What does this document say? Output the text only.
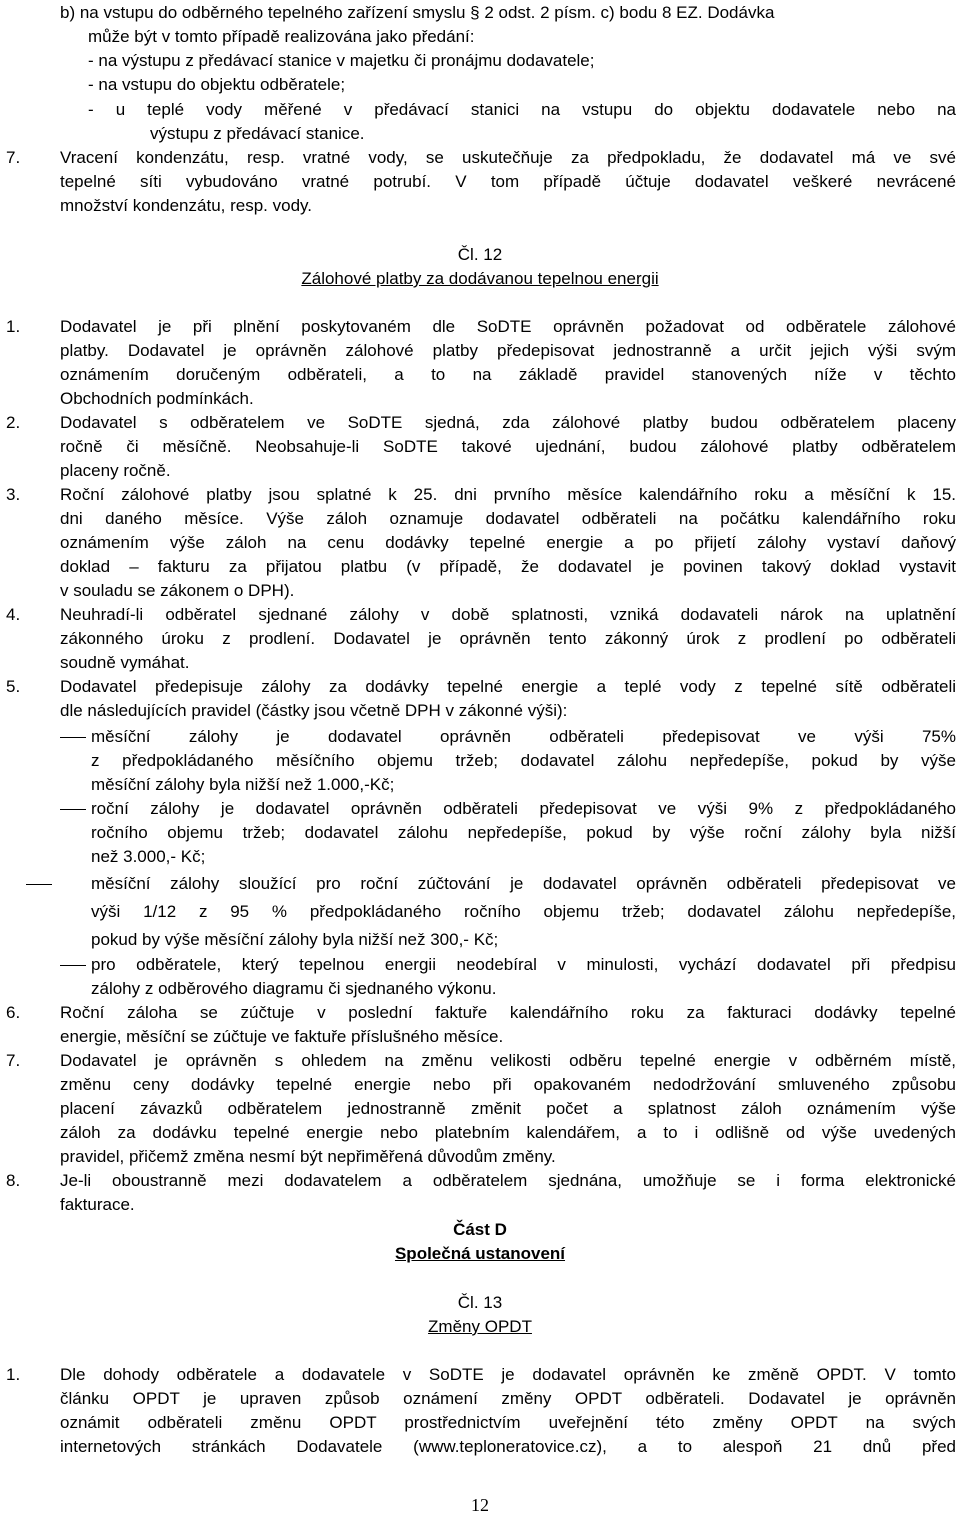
b) na vstupu do odběrného tepelného zařízení smyslu § 2 odst. 2 písm. c) bodu 8 EZ. Dodávka
může být v tomto případě realizována jako předání:
- na výstupu z předávací stanice v majetku či pronájmu dodavatele;
- na vstupu do objektu odběratele;
- u teplé vody měřené v předávací stanici na vstupu do objektu dodavatele nebo na
výstupu z předávací stanice.
7. Vracení kondenzátu, resp. vratné vody, se uskutečňuje za předpokladu, že dodavatel má ve své
tepelné síti vybudováno vratné potrubí. V tom případě účtuje dodavatel veškeré nevrácené
množství kondenzátu, resp. vody.
Čl. 12
Zálohové platby za dodávanou tepelnou energii
1. Dodavatel je při plnění poskytovaném dle SoDTE oprávněn požadovat od odběratele zálohové
platby. Dodavatel je oprávněn zálohové platby předepisovat jednostranně a určit jejich výši svým
oznámením doručeným odběrateli, a to na základě pravidel stanovených níže v těchto
Obchodních podmínkách.
2. Dodavatel s odběratelem ve SoDTE sjedná, zda zálohové platby budou odběratelem placeny
ročně či měsíčně. Neobsahuje-li SoDTE takové ujednání, budou zálohové platby odběratelem
placeny ročně.
3. Roční zálohové platby jsou splatné k 25. dni prvního měsíce kalendářního roku a měsíční k 15.
dni daného měsíce. Výše záloh oznamuje dodavatel odběrateli na počátku kalendářního roku
oznámením výše záloh na cenu dodávky tepelné energie a po přijetí zálohy vystaví daňový
doklad – fakturu za přijatou platbu (v případě, že dodavatel je povinen takový doklad vystavit
v souladu se zákonem o DPH).
4. Neuhradí-li odběratel sjednané zálohy v době splatnosti, vzniká dodavateli nárok na uplatnění
zákonného úroku z prodlení. Dodavatel je oprávněn tento zákonný úrok z prodlení po odběrateli
soudně vymáhat.
5. Dodavatel předepisuje zálohy za dodávky tepelné energie a teplé vody z tepelné sítě odběrateli
dle následujících pravidel (částky jsou včetně DPH v zákonné výši):
měsíční zálohy je dodavatel oprávněn odběrateli předepisovat ve výši 75%
z předpokládaného měsíčního objemu tržeb; dodavatel zálohu nepředepíše, pokud by výše
měsíční zálohy byla nižší než 1.000,-Kč;
roční zálohy je dodavatel oprávněn odběrateli předepisovat ve výši 9% z předpokládaného
ročního objemu tržeb; dodavatel zálohu nepředepíše, pokud by výše roční zálohy byla nižší
než 3.000,- Kč;
měsíční zálohy sloužící pro roční zúčtování je dodavatel oprávněn odběrateli předepisovat ve
výši 1/12 z 95 % předpokládaného ročního objemu tržeb; dodavatel zálohu nepředepíše,
pokud by výše měsíční zálohy byla nižší než 300,- Kč;
pro odběratele, který tepelnou energii neodebíral v minulosti, vychází dodavatel při předpisu
zálohy z odběrového diagramu či sjednaného výkonu.
6. Roční záloha se zúčtuje v poslední faktuře kalendářního roku za fakturaci dodávky tepelné
energie, měsíční se zúčtuje ve faktuře příslušného měsíce.
7. Dodavatel je oprávněn s ohledem na změnu velikosti odběru tepelné energie v odběrném místě,
změnu ceny dodávky tepelné energie nebo při opakovaném nedodržování smluveného způsobu
placení závazků odběratelem jednostranně změnit počet a splatnost záloh oznámením výše
záloh za dodávku tepelné energie nebo platebním kalendářem, a to i odlišně od výše uvedených
pravidel, přičemž změna nesmí být nepřiměřená důvodům změny.
8. Je-li oboustranně mezi dodavatelem a odběratelem sjednána, umožňuje se i forma elektronické
fakturace.
Část D
Společná ustanovení
Čl. 13
Změny OPDT
1. Dle dohody odběratele a dodavatele v SoDTE je dodavatel oprávněn ke změně OPDT. V tomto
článku OPDT je upraven způsob oznámení změny OPDT odběrateli. Dodavatel je oprávněn
oznámit odběrateli změnu OPDT prostřednictvím uveřejnění této změny OPDT na svých
internetových stránkách Dodavatele (www.teploneratovice.cz), a to alespoň 21 dnů před
12
